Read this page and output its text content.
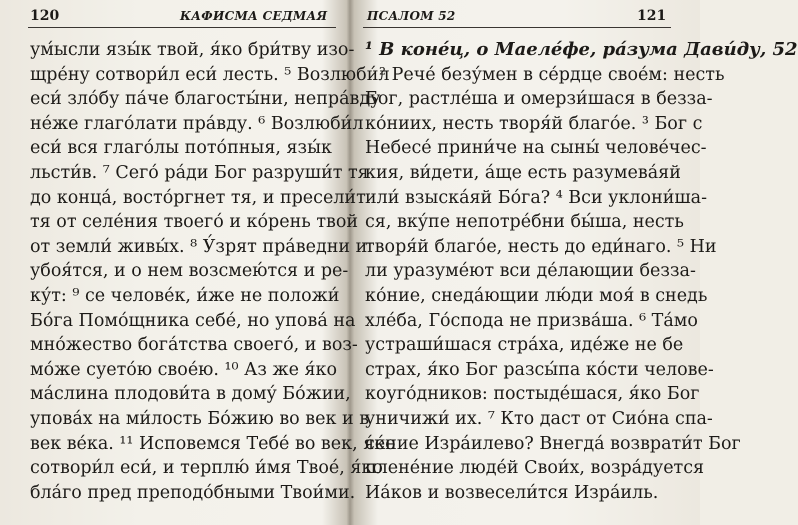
120	КАФИСМА СЕДМАЯ
ум́ысли язы́к твой, я́ко бри́тву изо-
щре́ну сотвори́л еси́ лесть. ⁵ Возлюби́л
еси́ зло́бу па́че благосты́ни, непра́вду
не́же глаго́лати пра́вду. ⁶ Возлюби́л
еси́ вся глаго́лы пото́пныя, язы́к
льсти́в. ⁷ Сего́ ра́ди Бог разруши́т тя
до конца́, востóргнет тя, и пресели́т
тя от селе́ния твоего́ и ко́рень твой
от земли́ живы́х. ⁸ У́зрят пра́ведни и
убоя́тся, и о нем возсмею́тся и ре-
ку́т: ⁹ се челове́к, и́же не положи́
Бо́га Помо́щника себе́, но упова́ на
мно́жество бога́тства своего́, и воз-
мо́же суето́ю свое́ю. ¹⁰ Аз же я́ко
ма́слина плодови́та в дому́ Бо́жии,
упова́х на ми́лость Бо́жию во век и в
век ве́ка. ¹¹ Исповемся Тебе́ во век, я́ко
сотвори́л еси́, и терплю́ и́мя Твое́, я́ко
бла́го пред преподо́бными Твои́ми.
ПСАЛОМ 52	121
¹ В коне́ц, о Маеле́фе, ра́зума Дави́ду, 52
² Рече́ безу́мен в се́рдце свое́м: несть
Бог, растле́ша и омерзи́шася в безза-
ко́ниих, несть творя́й благо́е. ³ Бог с
Небесе́ прини́че на сыны́ челове́чес-
кия, ви́дети, а́ще есть разумева́яй
или́ взыска́яй Бо́га? ⁴ Вси уклони́шa-
ся, вку́пе непотре́бни бы́ша, несть
творя́й благо́е, несть до еди́наго. ⁵ Ни
ли уразуме́ют вси де́лающии безза-
ко́ние, снеда́ющии лю́ди моя́ в снедь
хле́ба, Го́спода не призва́ша. ⁶ Та́мо
устраши́шася стра́ха, иде́же не бе
страх, я́ко Бог разсы́па ко́сти челове-
коуго́дников: постыде́шася, я́ко Бог
уничижи́ их. ⁷ Кто даст от Сио́на спа-
се́ние Изра́илево? Внегда́ возврати́т Бог
плене́ние люде́й Свои́х, возра́дуется
Иа́ков и возвесели́тся Изра́иль.
